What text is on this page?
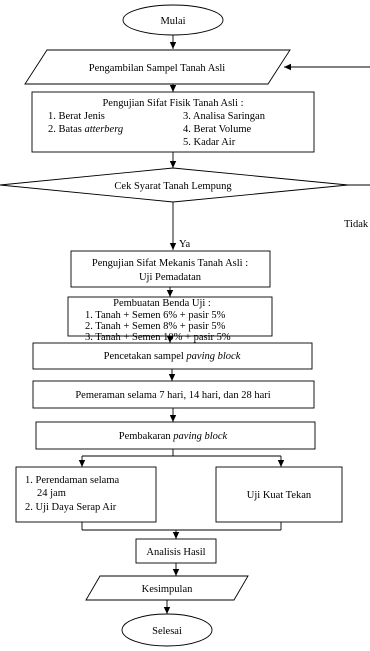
Mulai
Pengambilan Sampel Tanah Asli
Pengujian Sifat Fisik Tanah Asli :
1. Berat Jenis
2. Batas atterberg
3. Analisa Saringan
4. Berat Volume
5. Kadar Air
Cek Syarat Tanah Lempung
Tidak
Ya
Pengujian Sifat Mekanis Tanah Asli :
Uji Pemadatan
Pembuatan Benda Uji :
1. Tanah + Semen 6% + pasir 5%
2. Tanah + Semen 8% + pasir 5%
3. Tanah + Semen 10% + pasir 5%
Pencetakan sampel paving block
Pemeraman selama 7 hari, 14 hari, dan 28 hari
Pembakaran paving block
1. Perendaman selama
24 jam
2. Uji Daya Serap Air
Uji Kuat Tekan
Analisis Hasil
Kesimpulan
Selesai
